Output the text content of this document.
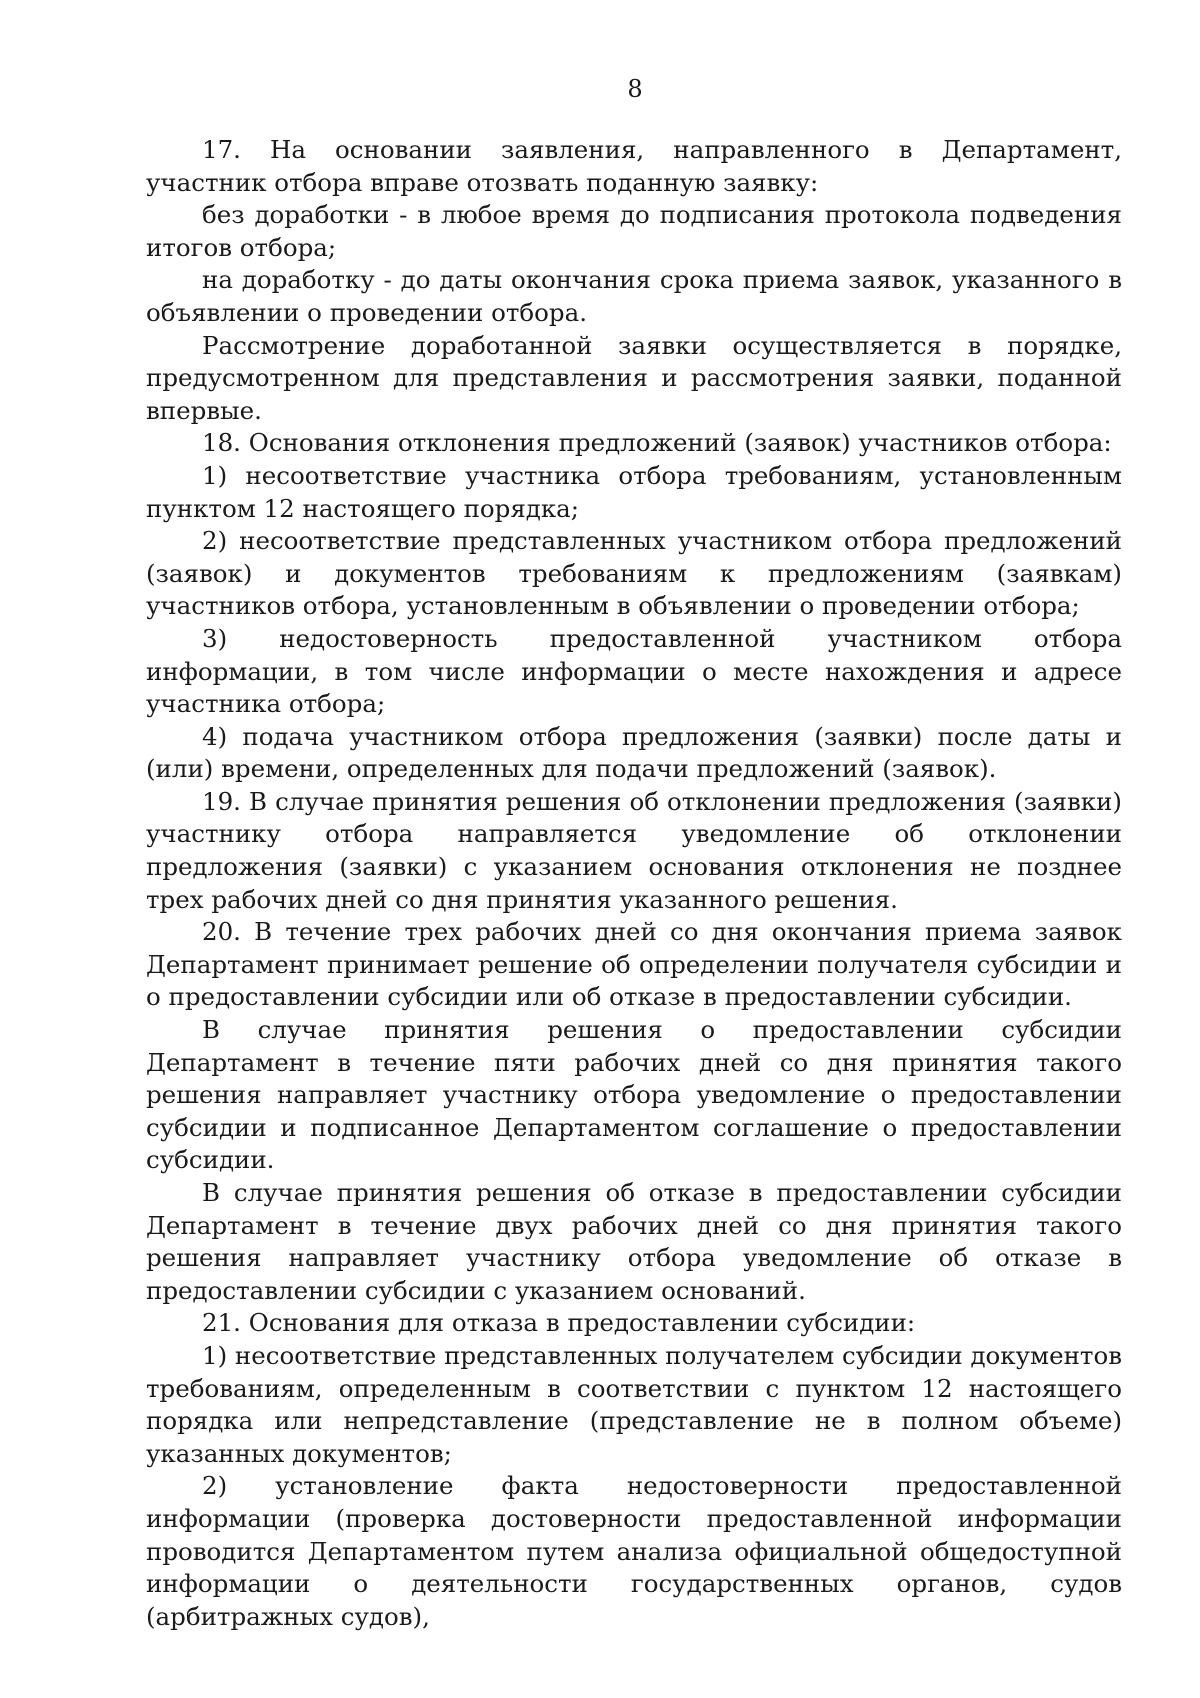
8

17. На основании заявления, направленного в Департамент, участник отбора вправе отозвать поданную заявку:

без доработки - в любое время до подписания протокола подведения итогов отбора;

на доработку - до даты окончания срока приема заявок, указанного в объявлении о проведении отбора.

Рассмотрение доработанной заявки осуществляется в порядке, предусмотренном для представления и рассмотрения заявки, поданной впервые.

18. Основания отклонения предложений (заявок) участников отбора:

1) несоответствие участника отбора требованиям, установленным пунктом 12 настоящего порядка;

2) несоответствие представленных участником отбора предложений (заявок) и документов требованиям к предложениям (заявкам) участников отбора, установленным в объявлении о проведении отбора;

3) недостоверность предоставленной участником отбора информации, в том числе информации о месте нахождения и адресе участника отбора;

4) подача участником отбора предложения (заявки) после даты и (или) времени, определенных для подачи предложений (заявок).

19. В случае принятия решения об отклонении предложения (заявки) участнику отбора направляется уведомление об отклонении предложения (заявки) с указанием основания отклонения не позднее трех рабочих дней со дня принятия указанного решения.

20. В течение трех рабочих дней со дня окончания приема заявок Департамент принимает решение об определении получателя субсидии и о предоставлении субсидии или об отказе в предоставлении субсидии.

В случае принятия решения о предоставлении субсидии Департамент в течение пяти рабочих дней со дня принятия такого решения направляет участнику отбора уведомление о предоставлении субсидии и подписанное Департаментом соглашение о предоставлении субсидии.

В случае принятия решения об отказе в предоставлении субсидии Департамент в течение двух рабочих дней со дня принятия такого решения направляет участнику отбора уведомление об отказе в предоставлении субсидии с указанием оснований.

21. Основания для отказа в предоставлении субсидии:

1) несоответствие представленных получателем субсидии документов требованиям, определенным в соответствии с пунктом 12 настоящего порядка или непредставление (представление не в полном объеме) указанных документов;

2) установление факта недостоверности предоставленной информации (проверка достоверности предоставленной информации проводится Департаментом путем анализа официальной общедоступной информации о деятельности государственных органов, судов (арбитражных судов),
